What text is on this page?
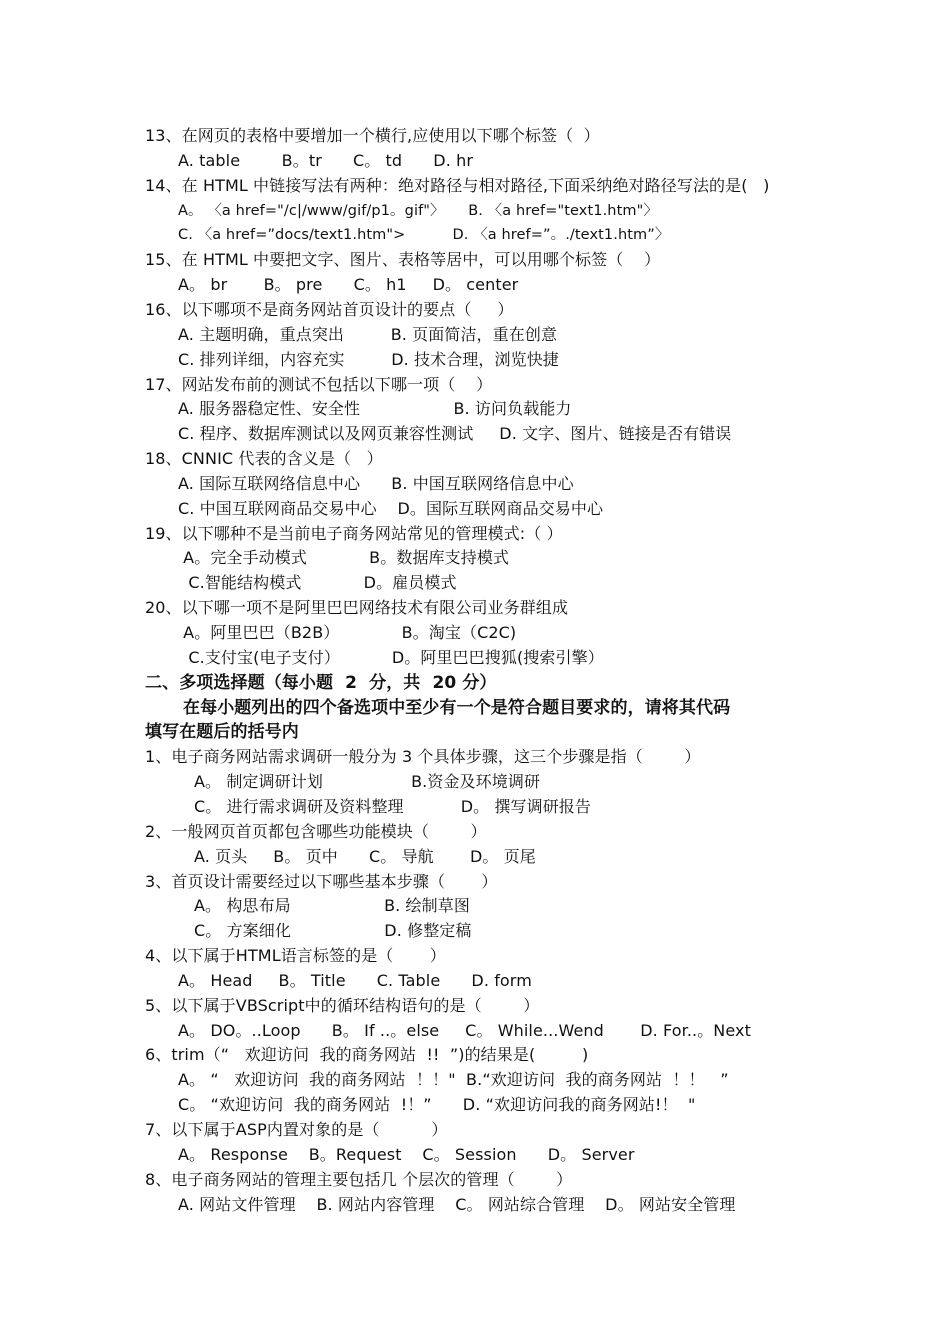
13、在网页的表格中要增加一个横行,应使用以下哪个标签（  ）
A. table        B。tr      C。 td      D. hr
14、在 HTML 中链接写法有两种：绝对路径与相对路径,下面采纳绝对路径写法的是(   )
A。 〈a href="/c|/www/gif/p1。gif"〉     B. 〈a href="text1.htm"〉
C. 〈a href=”docs/text1.htm">          D. 〈a href=”。./text1.htm”〉
15、在 HTML 中要把文字、图片、表格等居中，可以用哪个标签（    ）
A。 br       B。 pre      C。 h1     D。 center
16、以下哪项不是商务网站首页设计的要点（     ）
A. 主题明确，重点突出         B. 页面简洁，重在创意
C. 排列详细，内容充实         D. 技术合理，浏览快捷
17、网站发布前的测试不包括以下哪一项（    ）
A. 服务器稳定性、安全性                  B. 访问负载能力
C. 程序、数据库测试以及网页兼容性测试     D. 文字、图片、链接是否有错误
18、CNNIC 代表的含义是（   ）
A. 国际互联网络信息中心      B. 中国互联网络信息中心
C. 中国互联网商品交易中心    D。国际互联网商品交易中心
19、以下哪种不是当前电子商务网站常见的管理模式:（ ）
A。完全手动模式            B。数据库支持模式
C.智能结构模式            D。雇员模式
20、以下哪一项不是阿里巴巴网络技术有限公司业务群组成
A。阿里巴巴（B2B）            B。淘宝（C2C)
C.支付宝(电子支付）          D。阿里巴巴搜狐(搜索引擎）
二、多项选择题（每小题  2  分，共  20 分）
在每小题列出的四个备选项中至少有一个是符合题目要求的，请将其代码
填写在题后的括号内
1、电子商务网站需求调研一般分为 3 个具体步骤，这三个步骤是指（        ）
A。 制定调研计划                 B.资金及环境调研
C。 进行需求调研及资料整理           D。 撰写调研报告
2、一般网页首页都包含哪些功能模块（        ）
A. 页头     B。 页中      C。 导航       D。 页尾
3、首页设计需要经过以下哪些基本步骤（       ）
A。 构思布局                  B. 绘制草图
C。 方案细化                  D. 修整定稿
4、以下属于HTML语言标签的是（       ）
A。 Head     B。 Title      C. Table      D. form
5、以下属于VBScript中的循环结构语句的是（        ）
A。 DO。..Loop      B。 If ..。else     C。 While...Wend       D. For..。Next
6、trim（“   欢迎访问  我的商务网站  !!  ”)的结果是(         )
A。 “   欢迎访问  我的商务网站  ！！"  B.“欢迎访问  我的商务网站  ！！   ”
C。 “欢迎访问  我的商务网站  !！”      D. “欢迎访问我的商务网站!！  "
7、以下属于ASP内置对象的是（          ）
A。 Response    B。Request    C。 Session      D。 Server
8、电子商务网站的管理主要包括几 个层次的管理（        ）
A. 网站文件管理    B. 网站内容管理    C。 网站综合管理    D。 网站安全管理
